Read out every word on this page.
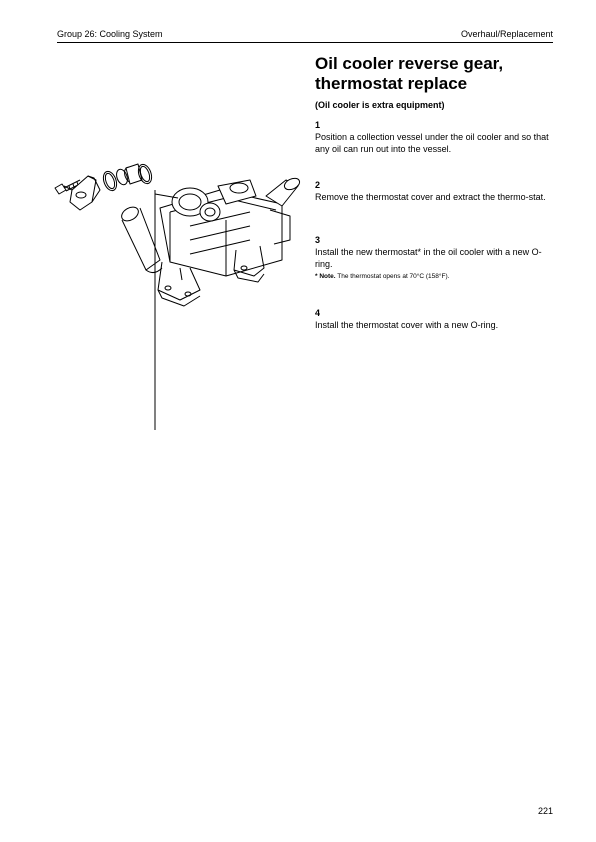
Group 26: Cooling System	Overhaul/Replacement
Oil cooler reverse gear, thermostat replace

(Oil cooler is extra equipment)

1
Position a collection vessel under the oil cooler and so that any oil can run out into the vessel.
2
Remove the thermostat cover and extract the thermo-stat.
3
Install the new thermostat* in the oil cooler with a new O-ring.
* Note. The thermostat opens at 70°C (158°F).
4
Install the thermostat cover with a new O-ring.
221
